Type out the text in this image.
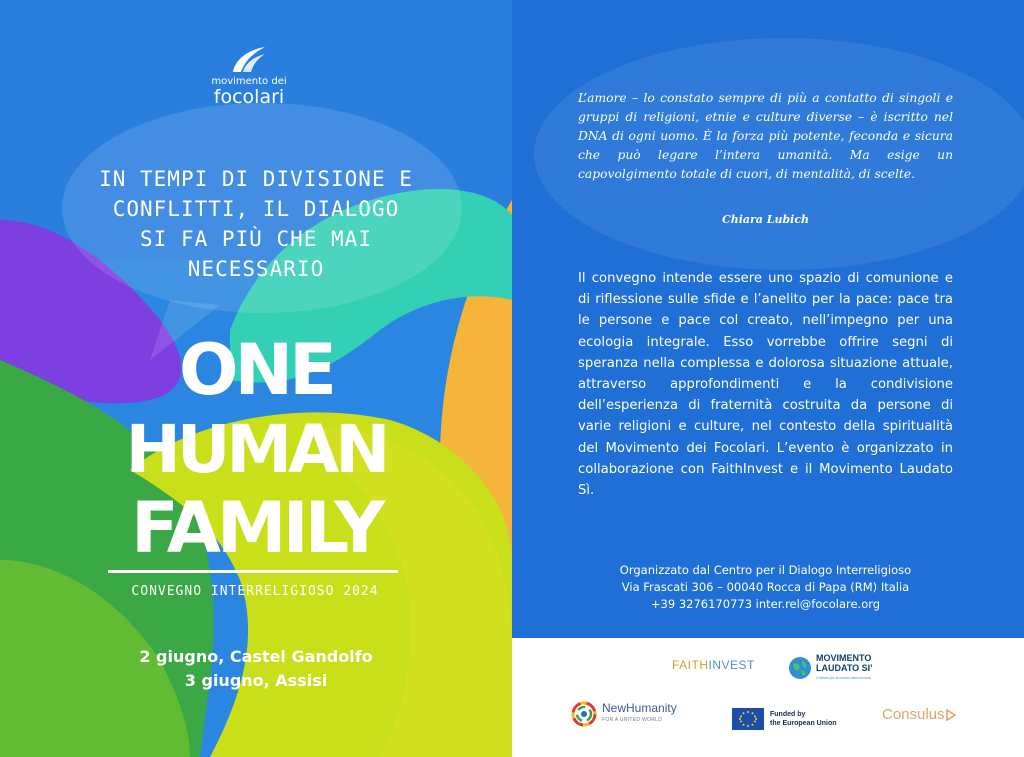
movimento dei
focolari
IN TEMPI DI DIVISIONE E
CONFLITTI, IL DIALOGO
SI FA PIÙ CHE MAI
NECESSARIO
ONE
HUMAN
FAMILY
CONVEGNO INTERRELIGIOSO 2024
2 giugno, Castel Gandolfo
3 giugno, Assisi
L’amore – lo constato sempre di più a contatto di singoli e gruppi di religioni, etnie e culture diverse – è iscritto nel DNA di ogni uomo. È la forza più potente, feconda e sicura che può legare l’intera umanità. Ma esige un capovolgimento totale di cuori, di mentalità, di scelte.
Chiara Lubich
Il convegno intende essere uno spazio di comunione e di riflessione sulle sfide e l’anelito per la pace: pace tra le persone e pace col creato, nell’impegno per una ecologia integrale. Esso vorrebbe offrire segni di speranza nella complessa e dolorosa situazione attuale, attraverso approfondimenti e la condivisione dell’esperienza di fraternità costruita da persone di varie religioni e culture, nel contesto della spiritualità del Movimento dei Focolari. L’evento è organizzato in collaborazione con FaithInvest e il Movimento Laudato Sì.
Organizzato dal Centro per il Dialogo Interreligioso
Via Frascati 306 – 00040 Rocca di Papa (RM) Italia
+39 3276170773 inter.rel@focolare.org
FAITHINVEST	MOVIMENTO
LAUDATO SI’
Cristiani per la nostra casa comune
NewHumanity
FOR A UNITED WORLD
Funded by
the European Union
Consulus
